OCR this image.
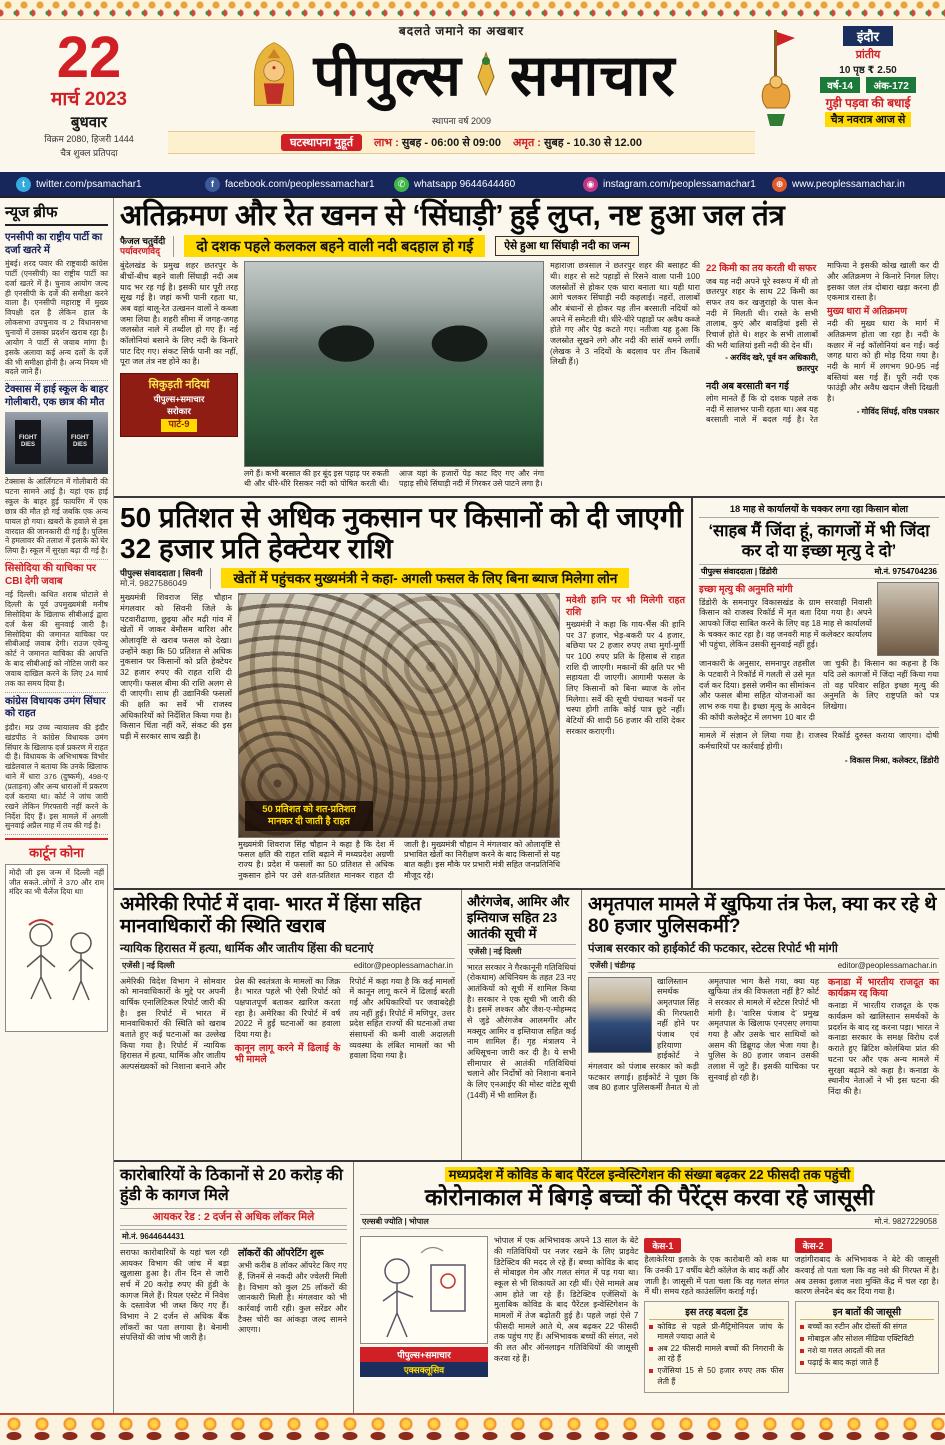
22
मार्च 2023
बुधवार
विक्रम 2080, हिजरी 1444
चैत्र शुक्ल प्रतिपदा
बदलते जमाने का अखबार
पीपुल्स समाचार
स्थापना वर्ष 2009
घटस्थापना मुहूर्त	लाभ : सुबह - 06:00 से 09:00 अमृत : सुबह - 10.30 से 12.00
इंदौर
प्रांतीय
10 पृष्ठ ₹ 2.50
वर्ष-14 अंक-172
गुड़ी पड़वा की बधाई
चैत्र नवरात्र आज से
t	twitter.com/psamachar1	f	facebook.com/peoplessamachar1	✆ whatsapp 9644644460	◉ instagram.com/peoplessamachar1	⊕ www.peoplessamachar.in
न्यूज ब्रीफ
एनसीपी का राष्ट्रीय पार्टी का दर्जा खतरे में
मुंबई। शरद पवार की राष्ट्रवादी कांग्रेस पार्टी (एनसीपी) का राष्ट्रीय पार्टी का दर्जा खतरे में है। चुनाव आयोग जल्द ही एनसीपी के दर्जे की समीक्षा करने वाला है। एनसीपी महाराष्ट्र में मुख्य विपक्षी दल है लेकिन हाल के लोकसभा उपचुनाव व 2 विधानसभा चुनावों में उसका प्रदर्शन खराब रहा है। आयोग ने पार्टी से जवाब मांगा है। इसके अलावा कई अन्य दलों के दर्जे की भी समीक्षा होनी है। अन्य नियम भी बदले जाने हैं।
टेक्सास में हाई स्कूल के बाहर गोलीबारी, एक छात्र की मौत
FIGHT DIES
FIGHT DIES
टेक्सास के आर्लिंगटन में गोलीबारी की घटना सामने आई है। यहां एक हाई स्कूल के बाहर हुई फायरिंग में एक छात्र की मौत हो गई जबकि एक अन्य घायल हो गया। खबरों के हवाले से इस वारदात की जानकारी दी गई है। पुलिस ने हमलावर की तलाश में इलाके को घेर लिया है। स्कूल में सुरक्षा बढ़ा दी गई है।
सिसोदिया की याचिका पर CBI देगी जवाब
नई दिल्ली। कथित शराब घोटाले से दिल्ली के पूर्व उपमुख्यमंत्री मनीष सिसोदिया के खिलाफ सीबीआई द्वारा दर्ज केस की सुनवाई जारी है। सिसोदिया की जमानत याचिका पर सीबीआई जवाब देगी। राउज एवेन्यू कोर्ट ने जमानत याचिका की आपत्ति के बाद सीबीआई को नोटिस जारी कर जवाब दाखिल करने के लिए 24 मार्च तक का समय दिया है।
कांग्रेस विधायक उमंग सिंघार को राहत
इंदौर। मप्र उच्च न्यायालय की इंदौर खंडपीठ ने कांग्रेस विधायक उमंग सिंघार के खिलाफ दर्ज प्रकरण में राहत दी है। विधायक के अभिभाषक विभोर खंडेलवाल ने बताया कि उनके खिलाफ थाने में धारा 376 (दुष्कर्म), 498-ए (प्रताड़ना) और अन्य धाराओं में प्रकरण दर्ज कराया था। कोर्ट ने जांच जारी रखने लेकिन गिरफ्तारी नहीं करने के निर्देश दिए हैं। इस मामले में अगली सुनवाई अप्रैल माह में तय की गई है।
कार्टून कोना
मोदी जी इस जन्म में दिल्ली नहीं जीत सकते..लोगों ने 370 और राम मंदिर का भी चैलेंज दिया था!
अतिक्रमण और रेत खनन से ‘सिंघाड़ी’ हुई लुप्त, नष्ट हुआ जल तंत्र
फैजल चतुर्वेदी
पर्यावरणविद्	दो दशक पहले कलकल बहने वाली नदी बदहाल हो गई	ऐसे हुआ था सिंघाड़ी नदी का जन्म
बुंदेलखंड के प्रमुख शहर छतरपुर के बीचों-बीच बहने वाली सिंघाड़ी नदी अब याद भर रह गई है। इसकी धार पूरी तरह सूख गई है। जहां कभी पानी रहता था, अब वहां बालू-रेत उत्खनन वालों ने कब्जा जमा लिया है। शहरी सीमा में जगह-जगह जलस्रोत नाले में तब्दील हो गए हैं। नई कॉलोनियां बसाने के लिए नदी के किनारे पाट दिए गए। संकट सिर्फ पानी का नहीं, पूरा जल तंत्र नष्ट होने का है।
सिकुड़ती नदियां
पीपुल्स+समाचार
सरोकार
पार्ट-9
लगे हैं। कभी बरसात की हर बूंद इस पहाड़ पर रुकती थी और धीरे-धीरे रिसकर नदी को पोषित करती थी। आज यहां के हजारों पेड़ काट दिए गए और नंगा पहाड़ सीधे सिंघाड़ी नदी में गिरकर उसे पाटने लगा है।
महाराजा छत्रसाल ने छतरपुर शहर की बसाहट की थी। शहर से सटे पहाड़ों से रिसने वाला पानी 100 जलस्रोतों से होकर एक धारा बनाता था। यही धारा आगे चलकर सिंघाड़ी नदी कहलाई। नहरों, तालाबों और बंधानों से होकर यह तीन बरसाती नदियों को अपने में समेटती थी। धीरे-धीरे पहाड़ों पर अवैध कब्जे होते गए और पेड़ कटते गए। नतीजा यह हुआ कि जलस्रोत सूखने लगे और नदी की सांसें थमने लगीं। (लेखक ने 3 नदियों के बदलाव पर तीन किताबें लिखी हैं।)
22 किमी का तय करती थी सफर
जब यह नदी अपने पूरे स्वरूप में थी तो छतरपुर शहर के साथ 22 किमी का सफर तय कर खजुराहो के पास केन नदी में मिलती थी। रास्ते के सभी तालाब, कुएं और बावड़ियां इसी से रिचार्ज होते थे। शहर के सभी तालाबों की भरी थालियां इसी नदी की देन थीं।
- अरविंद खरे, पूर्व वन अधिकारी, छतरपुर
नदी अब बरसाती बन गई
लोग मानते हैं कि दो दशक पहले तक नदी में सालभर पानी रहता था। अब यह बरसाती नाले में बदल गई है। रेत माफिया ने इसकी कोख खाली कर दी और अतिक्रमण ने किनारे निगल लिए। इसका जल तंत्र दोबारा खड़ा करना ही एकमात्र रास्ता है।
मुख्य धारा में अतिक्रमण
नदी की मुख्य धारा के मार्ग में अतिक्रमण होता जा रहा है। नदी के कछार में नई कॉलोनियां बन गईं। कई जगह धारा को ही मोड़ दिया गया है। नदी के मार्ग में लगभग 90-95 नई बस्तियां बस गई हैं। पूरी नदी एक फाउंड्री और अवैध खदान जैसी दिखती है।
- गोविंद सिंघई, वरिष्ठ पत्रकार
50 प्रतिशत से अधिक नुकसान पर किसानों को दी जाएगी 32 हजार प्रति हेक्टेयर राशि
पीपुल्स संवाददाता | सिवनी
मो.नं. 9827586049	खेतों में पहुंचकर मुख्यमंत्री ने कहा- अगली फसल के लिए बिना ब्याज मिलेगा लोन
मुख्यमंत्री शिवराज सिंह चौहान मंगलवार को सिवनी जिले के पटवारीढाणा, छुइया और मढ़ी गांव में खेतों में जाकर बेमौसम बारिश और ओलावृष्टि से खराब फसल को देखा। उन्होंने कहा कि 50 प्रतिशत से अधिक नुकसान पर किसानों को प्रति हेक्टेयर 32 हजार रुपए की राहत राशि दी जाएगी। फसल बीमा की राशि अलग से दी जाएगी। साथ ही उद्यानिकी फसलों की क्षति का सर्वे भी राजस्व अधिकारियों को निर्देशित किया गया है। किसान चिंता नहीं करें, संकट की इस घड़ी में सरकार साथ खड़ी है।
50 प्रतिशत को शत-प्रतिशत मानकर दी जाती है राहत
मुख्यमंत्री शिवराज सिंह चौहान ने कहा है कि देश में फसल क्षति की राहत राशि बढ़ाने में मध्यप्रदेश अग्रणी राज्य है। प्रदेश में फसलों का 50 प्रतिशत से अधिक नुकसान होने पर उसे शत-प्रतिशत मानकर राहत दी जाती है। मुख्यमंत्री चौहान ने मंगलवार को ओलावृष्टि से प्रभावित खेतों का निरीक्षण करने के बाद किसानों से यह बात कही। इस मौके पर प्रभारी मंत्री सहित जनप्रतिनिधि मौजूद रहे।
मवेशी हानि पर भी मिलेगी राहत राशि
मुख्यमंत्री ने कहा कि गाय-भैंस की हानि पर 37 हजार, भेड़-बकरी पर 4 हजार, बछिया पर 2 हजार रुपए तथा मुर्गा-मुर्गी पर 100 रुपए प्रति के हिसाब से राहत राशि दी जाएगी। मकानों की क्षति पर भी सहायता दी जाएगी। आगामी फसल के लिए किसानों को बिना ब्याज के लोन मिलेगा। सर्वे की सूची पंचायत भवनों पर चस्पा होगी ताकि कोई पात्र छूटे नहीं। बेटियों की शादी 56 हजार की राशि देकर सरकार कराएगी।
18 माह से कार्यालयों के चक्कर लगा रहा किसान बोला
‘साहब मैं जिंदा हूं, कागजों में भी जिंदा कर दो या इच्छा मृत्यु दे दो’
पीपुल्स संवाददाता | डिंडोरी	मो.नं. 9754704236
इच्छा मृत्यु की अनुमति मांगी
डिंडोरी के समनापुर विकासखंड के ग्राम सरवाही निवासी किसान को राजस्व रिकॉर्ड में मृत बता दिया गया है। अपने आपको जिंदा साबित करने के लिए वह 18 माह से कार्यालयों के चक्कर काट रहा है। वह जनवरी माह में कलेक्टर कार्यालय भी पहुंचा, लेकिन उसकी सुनवाई नहीं हुई।
जानकारी के अनुसार, समनापुर तहसील के पटवारी ने रिकॉर्ड में गलती से उसे मृत दर्ज कर दिया। इससे जमीन का सीमांकन और फसल बीमा सहित योजनाओं का लाभ रुक गया है। इच्छा मृत्यु के आवेदन की कॉपी कलेक्ट्रेट में लगभग 10 बार दी जा चुकी है। किसान का कहना है कि यदि उसे कागजों में जिंदा नहीं किया गया तो वह परिवार सहित इच्छा मृत्यु की अनुमति के लिए राष्ट्रपति को पत्र लिखेगा।
मामले में संज्ञान ले लिया गया है। राजस्व रिकॉर्ड दुरुस्त कराया जाएगा। दोषी कर्मचारियों पर कार्रवाई होगी।
- विकास मिश्रा, कलेक्टर, डिंडोरी
अमेरिकी रिपोर्ट में दावा- भारत में हिंसा सहित मानवाधिकारों की स्थिति खराब
न्यायिक हिरासत में हत्या, धार्मिक और जातीय हिंसा की घटनाएं
एजेंसी | नई दिल्ली	editor@peoplessamachar.in
अमेरिकी विदेश विभाग ने सोमवार को मानवाधिकारों के मुद्दे पर अपनी वार्षिक एनालिटिकल रिपोर्ट जारी की है। इस रिपोर्ट में भारत में मानवाधिकारों की स्थिति को खराब बताते हुए कई घटनाओं का उल्लेख किया गया है। रिपोर्ट में न्यायिक हिरासत में हत्या, धार्मिक और जातीय अल्पसंख्यकों को निशाना बनाने और प्रेस की स्वतंत्रता के मामलों का जिक्र है। भारत पहले भी ऐसी रिपोर्ट को पक्षपातपूर्ण बताकर खारिज करता रहा है। अमेरिका की रिपोर्ट में वर्ष 2022 में हुईं घटनाओं का हवाला दिया गया है।
कानून लागू करने में ढिलाई के भी मामले
रिपोर्ट में कहा गया है कि कई मामलों में कानून लागू करने में ढिलाई बरती गई और अधिकारियों पर जवाबदेही तय नहीं हुई। रिपोर्ट में मणिपुर, उत्तर प्रदेश सहित राज्यों की घटनाओं तथा संसाधनों की कमी वाली अदालती व्यवस्था के लंबित मामलों का भी हवाला दिया गया है।
औरंगजेब, आमिर और इम्तियाज सहित 23 आतंकी सूची में
एजेंसी | नई दिल्ली
भारत सरकार ने गैरकानूनी गतिविधियां (रोकथाम) अधिनियम के तहत 23 नए आतंकियों को सूची में शामिल किया है। सरकार ने एक सूची भी जारी की है। इसमें लश्कर और जैश-ए-मोहम्मद से जुड़े औरंगजेब आलमगीर और मक्सूद आमिर व इम्तियाज सहित कई नाम शामिल हैं। गृह मंत्रालय ने अधिसूचना जारी कर दी है। ये सभी सीमापार से आतंकी गतिविधियां चलाने और निर्दोषों को निशाना बनाने के लिए एनआईए की मोस्ट वांटेड सूची (14वीं) में भी शामिल हैं।
अमृतपाल मामले में खुफिया तंत्र फेल, क्या कर रहे थे 80 हजार पुलिसकर्मी?
पंजाब सरकार को हाईकोर्ट की फटकार, स्टेटस रिपोर्ट भी मांगी
एजेंसी | चंडीगढ़	editor@peoplessamachar.in
खालिस्तान समर्थक अमृतपाल सिंह की गिरफ्तारी नहीं होने पर पंजाब एवं हरियाणा हाईकोर्ट ने मंगलवार को पंजाब सरकार को कड़ी फटकार लगाई। हाईकोर्ट ने पूछा कि जब 80 हजार पुलिसकर्मी तैनात थे तो अमृतपाल भाग कैसे गया, क्या यह खुफिया तंत्र की विफलता नहीं है? कोर्ट ने सरकार से मामले में स्टेटस रिपोर्ट भी मांगी है। ‘वारिस पंजाब दे’ प्रमुख अमृतपाल के खिलाफ एनएसए लगाया गया है और उसके चार साथियों को असम की डिब्रूगढ़ जेल भेजा गया है। पुलिस के 80 हजार जवान उसकी तलाश में जुटे हैं। इसकी याचिका पर सुनवाई हो रही है।
कनाडा में भारतीय राजदूत का कार्यक्रम रद्द किया
कनाडा में भारतीय राजदूत के एक कार्यक्रम को खालिस्तान समर्थकों के प्रदर्शन के बाद रद्द करना पड़ा। भारत ने कनाडा सरकार के समक्ष विरोध दर्ज कराते हुए ब्रिटिश कोलंबिया प्रांत की घटना पर और एक अन्य मामले में सुरक्षा बढ़ाने को कहा है। कनाडा के स्थानीय नेताओं ने भी इस घटना की निंदा की है।
कारोबारियों के ठिकानों से 20 करोड़ की हुंडी के कागज मिले
आयकर रेड : 2 दर्जन से अधिक लॉकर मिले
मो.नं. 9644644431
सराफा कारोबारियों के यहां चल रही आयकर विभाग की जांच में बड़ा खुलासा हुआ है। तीन दिन से जारी सर्च में 20 करोड़ रुपए की हुंडी के कागज मिले हैं। रियल एस्टेट में निवेश के दस्तावेज भी जब्त किए गए हैं। विभाग ने 2 दर्जन से अधिक बैंक लॉकरों का पता लगाया है। बेनामी संपत्तियों की जांच भी जारी है।
लॉकरों की ऑपरेटिंग शुरू
अभी करीब 8 लॉकर ऑपरेट किए गए हैं, जिनमें से नकदी और ज्वेलरी मिली है। विभाग को कुल 25 लॉकरों की जानकारी मिली है। मंगलवार को भी कार्रवाई जारी रही। कुल सरेंडर और टैक्स चोरी का आंकड़ा जल्द सामने आएगा।
मध्यप्रदेश में कोविड के बाद पैरेंटल इन्वेस्टिगेशन की संख्या बढ़कर 22 फीसदी तक पहुंची
कोरोनाकाल में बिगड़े बच्चों की पैरेंट्स करवा रहे जासूसी
एल्सबी ज्योति | भोपाल	मो.नं. 9827229058
पीपुल्स+समाचार
एक्सक्लूसिव
भोपाल में एक अभिभावक अपने 13 साल के बेटे की गतिविधियों पर नजर रखने के लिए प्राइवेट डिटेक्टिव की मदद ले रहे हैं। बच्चा कोविड के बाद से मोबाइल गेम और गलत संगत में पड़ गया था। स्कूल से भी शिकायतें आ रही थीं। ऐसे मामले अब आम होते जा रहे हैं। डिटेक्टिव एजेंसियों के मुताबिक कोविड के बाद पैरेंटल इन्वेस्टिगेशन के मामलों में तेज बढ़ोतरी हुई है। पहले जहां ऐसे 7 फीसदी मामले आते थे, अब बढ़कर 22 फीसदी तक पहुंच गए हैं। अभिभावक बच्चों की संगत, नशे की लत और ऑनलाइन गतिविधियों की जासूसी करवा रहे हैं।
केस-1
हैलाकेरिया इलाके के एक कारोबारी को शक था कि उनकी 17 वर्षीय बेटी कॉलेज के बाद कहीं और जाती है। जासूसी में पता चला कि वह गलत संगत में थी। समय रहते काउंसलिंग कराई गई।
इस तरह बदला ट्रेंड
कोविड से पहले प्री-मैट्रिमोनियल जांच के मामले ज्यादा आते थे
अब 22 फीसदी मामले बच्चों की निगरानी के आ रहे हैं
एजेंसियां 15 से 50 हजार रुपए तक फीस लेती हैं
केस-2
जहांगीराबाद के अभिभावक ने बेटे की जासूसी करवाई तो पता चला कि वह नशे की गिरफ्त में है। अब उसका इलाज नशा मुक्ति केंद्र में चल रहा है। कारण लेनदेन बंद कर दिया गया है।
इन बातों की जासूसी
बच्चों का रुटीन और दोस्तों की संगत
मोबाइल और सोशल मीडिया एक्टिविटी
नशे या गलत आदतों की लत
पढ़ाई के बाद कहां जाते हैं
